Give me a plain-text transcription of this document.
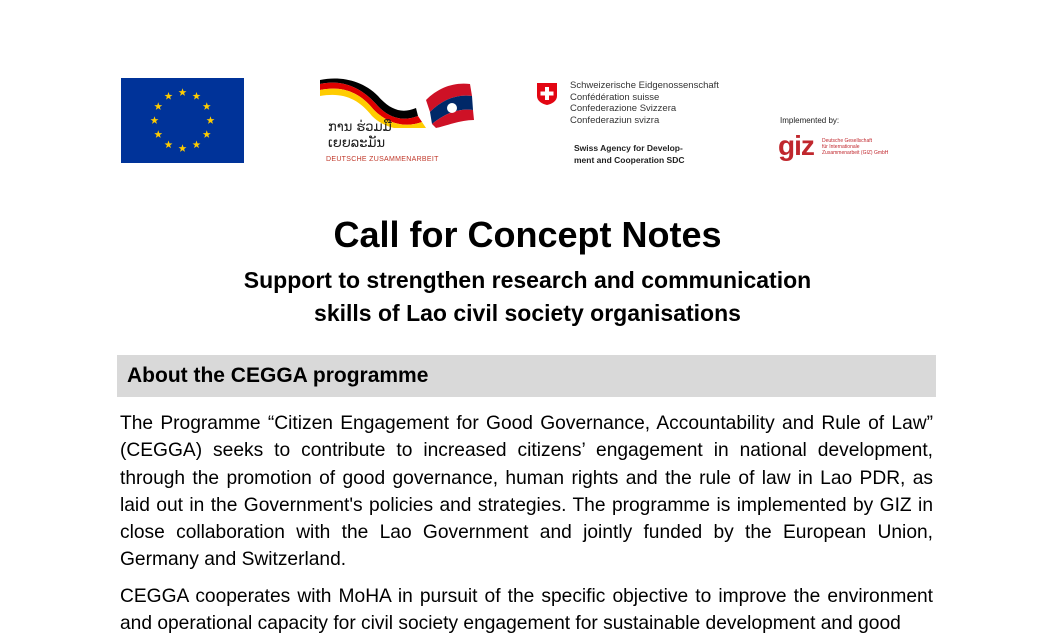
ການ ຮ່ວມມື
ເຍຍລະມັນ
DEUTSCHE ZUSAMMENARBEIT
Schweizerische Eidgenossenschaft
Confédération suisse
Confederazione Svizzera
Confederaziun svizra
Swiss Agency for Develop-
ment and Cooperation SDC
Implemented by:
giz Deutsche Gesellschaft
für Internationale
Zusammenarbeit (GIZ) GmbH
Call for Concept Notes
Support to strengthen research and communication
skills of Lao civil society organisations
About the CEGGA programme

The Programme “Citizen Engagement for Good Governance, Accountability and Rule of Law” (CEGGA) seeks to contribute to increased citizens’ engagement in national development, through the promotion of good governance, human rights and the rule of law in Lao PDR, as laid out in the Government's policies and strategies. The programme is implemented by GIZ in close collaboration with the Lao Government and jointly funded by the European Union, Germany and Switzerland.

CEGGA cooperates with MoHA in pursuit of the specific objective to improve the environment and operational capacity for civil society engagement for sustainable development and good
